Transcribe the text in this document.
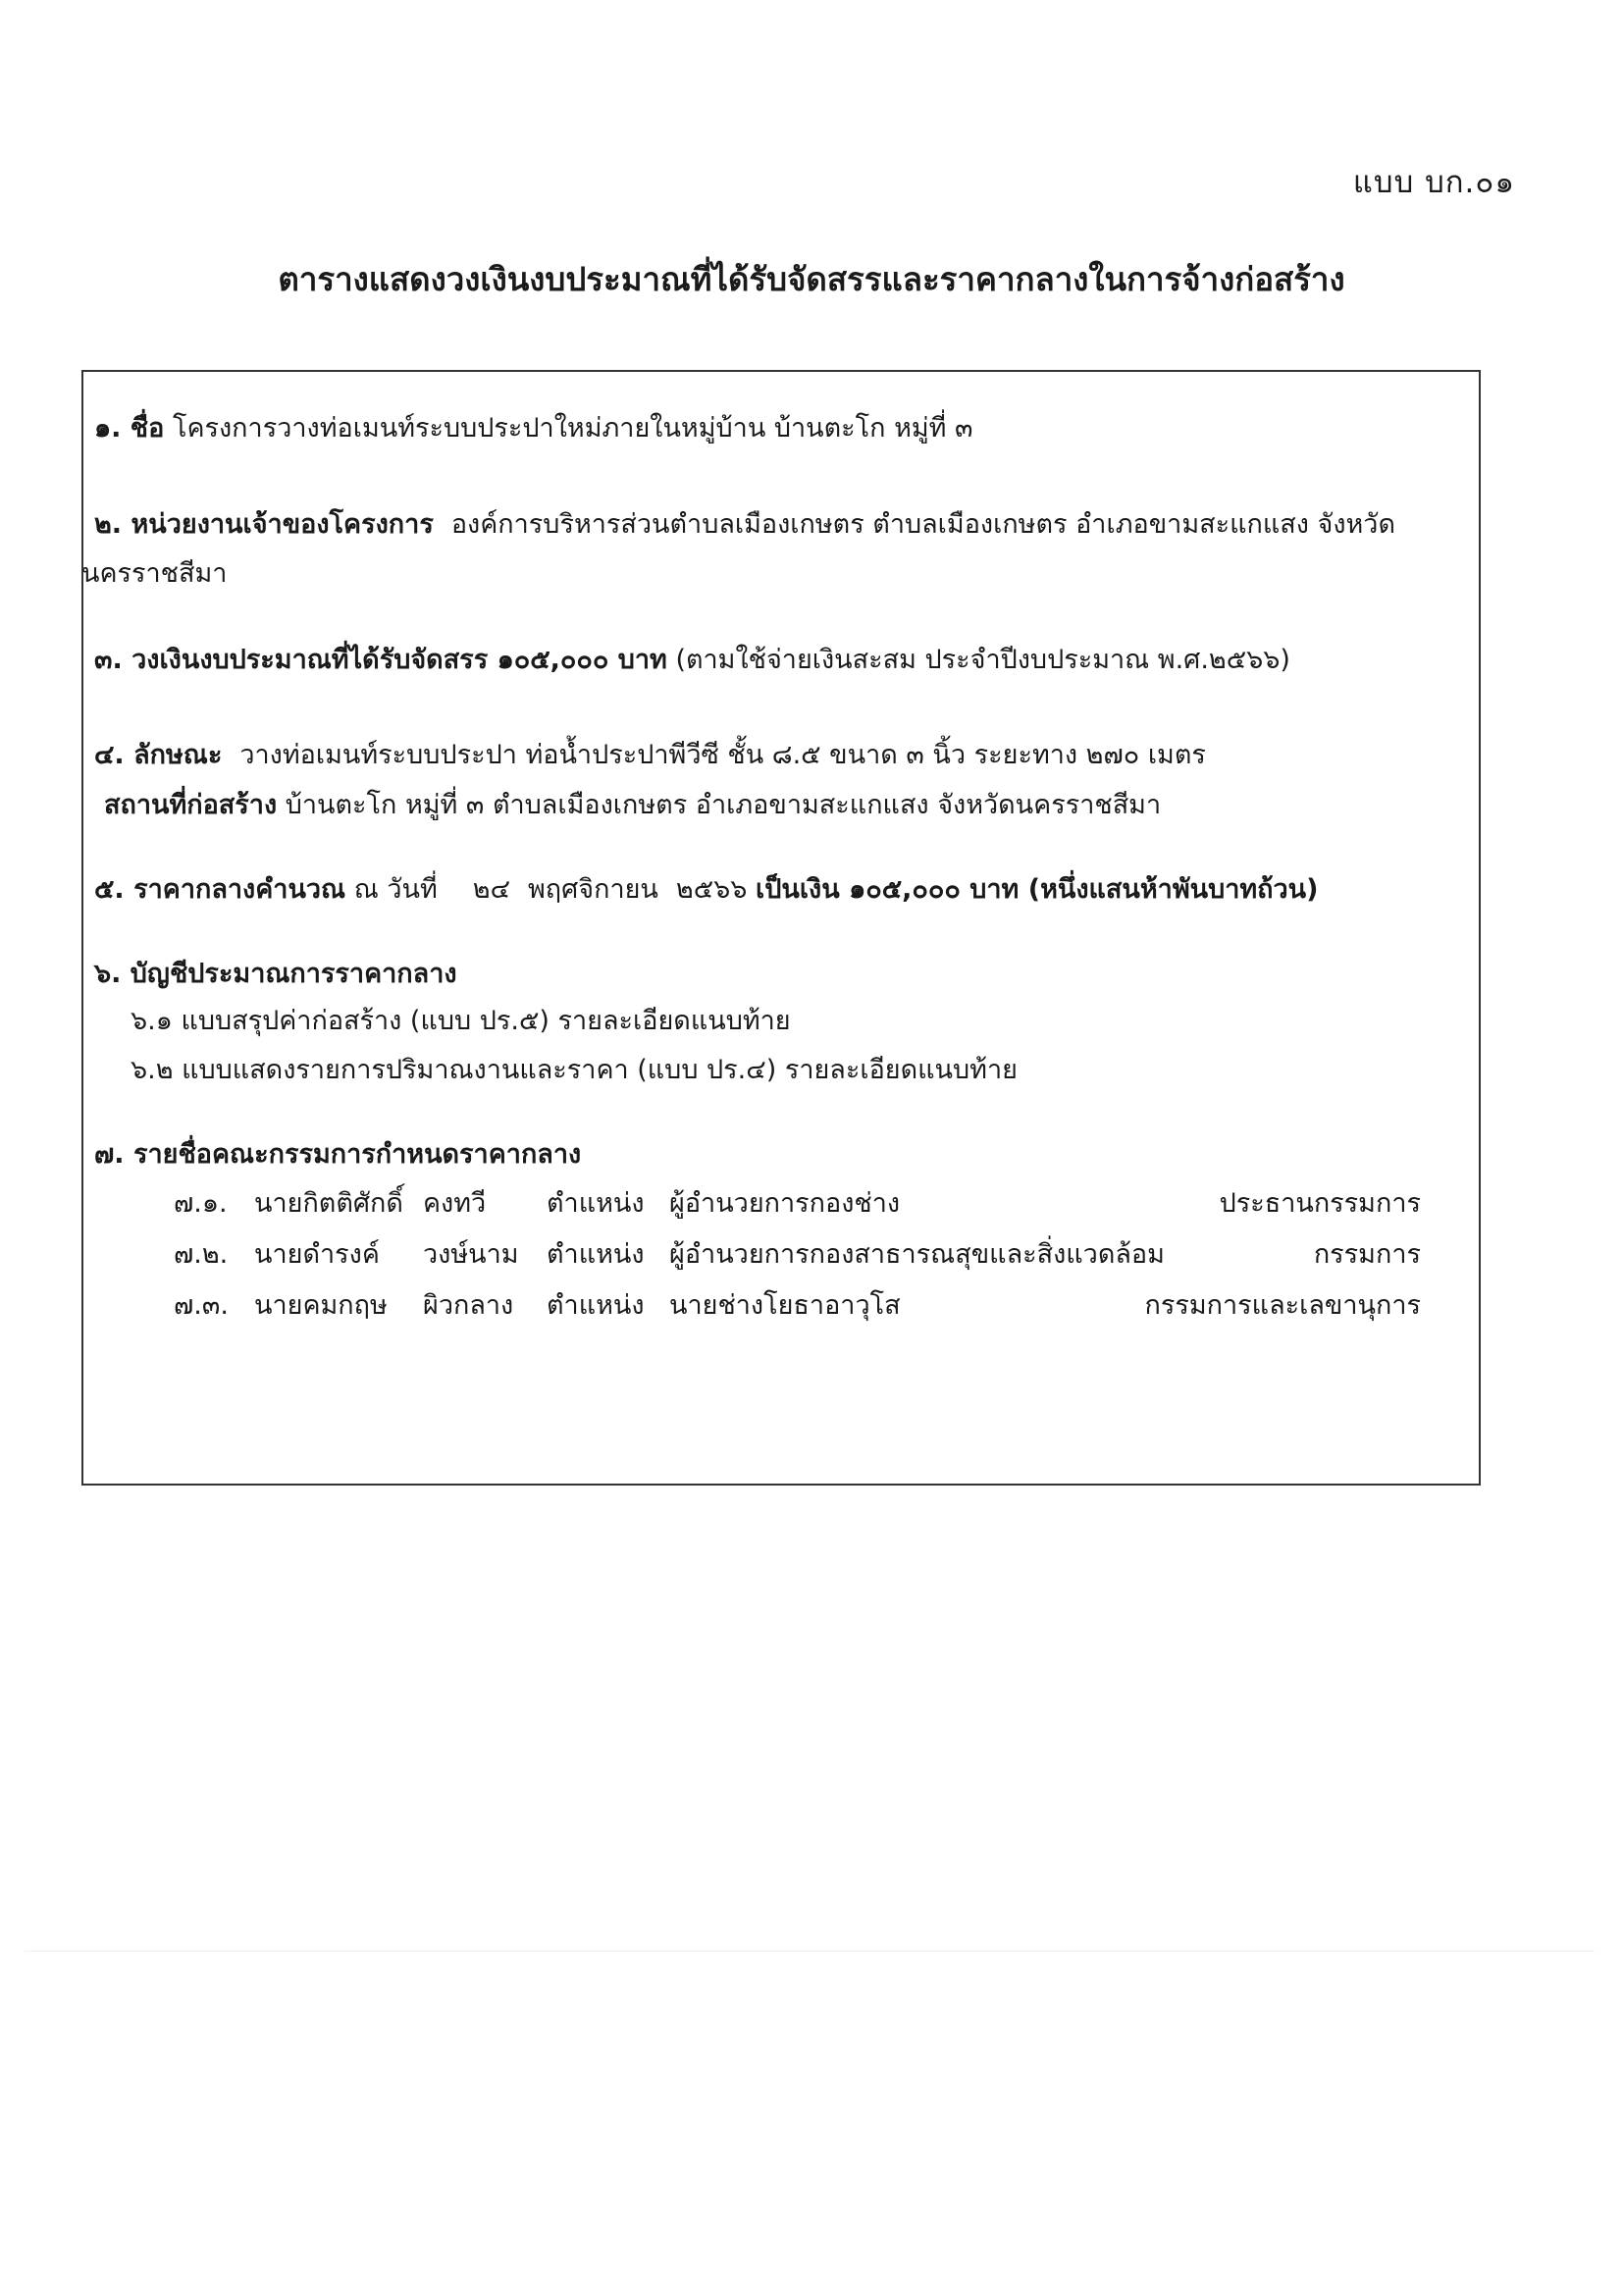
แบบ บก.๐๑
ตารางแสดงวงเงินงบประมาณที่ได้รับจัดสรรและราคากลางในการจ้างก่อสร้าง
๑. ชื่อ โครงการวางท่อเมนท์ระบบประปาใหม่ภายในหมู่บ้าน บ้านตะโก หมู่ที่ ๓
๒. หน่วยงานเจ้าของโครงการ องค์การบริหารส่วนตำบลเมืองเกษตร ตำบลเมืองเกษตร อำเภอขามสะแกแสง จังหวัด
นครราชสีมา
๓. วงเงินงบประมาณที่ได้รับจัดสรร ๑๐๕,๐๐๐ บาท (ตามใช้จ่ายเงินสะสม ประจำปีงบประมาณ พ.ศ.๒๕๖๖)
๔. ลักษณะ วางท่อเมนท์ระบบประปา ท่อน้ำประปาพีวีซี ชั้น ๘.๕ ขนาด ๓ นิ้ว ระยะทาง ๒๗๐ เมตร
สถานที่ก่อสร้าง บ้านตะโก หมู่ที่ ๓ ตำบลเมืองเกษตร อำเภอขามสะแกแสง จังหวัดนครราชสีมา
๕. ราคากลางคำนวณ ณ วันที่ ๒๔ พฤศจิกายน ๒๕๖๖ เป็นเงิน ๑๐๕,๐๐๐ บาท (หนึ่งแสนห้าพันบาทถ้วน)
๖. บัญชีประมาณการราคากลาง
๖.๑ แบบสรุปค่าก่อสร้าง (แบบ ปร.๕) รายละเอียดแนบท้าย
๖.๒ แบบแสดงรายการปริมาณงานและราคา (แบบ ปร.๔) รายละเอียดแนบท้าย
๗. รายชื่อคณะกรรมการกำหนดราคากลาง
๗.๑. นายกิตติศักดิ์ คงทวี ตำแหน่ง ผู้อำนวยการกองช่าง	ประธานกรรมการ
๗.๒. นายดำรงค์ วงษ์นาม ตำแหน่ง ผู้อำนวยการกองสาธารณสุขและสิ่งแวดล้อม	กรรมการ
๗.๓. นายคมกฤษ ผิวกลาง ตำแหน่ง นายช่างโยธาอาวุโส	กรรมการและเลขานุการ
